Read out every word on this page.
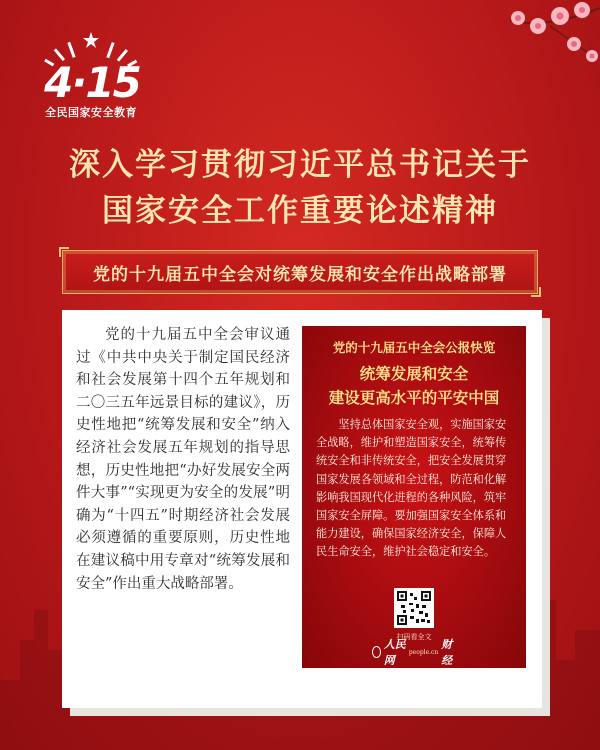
4·15
全民国家安全教育
深入学习贯彻习近平总书记关于
国家安全工作重要论述精神
党的十九届五中全会对统筹发展和安全作出战略部署

党的十九届五中全会审议通过《中共中央关于制定国民经济和社会发展第十四个五年规划和二〇三五年远景目标的建议》，历史性地把“统筹发展和安全”纳入经济社会发展五年规划的指导思想，历史性地把“办好发展安全两件大事”“实现更为安全的发展”明确为“十四五”时期经济社会发展必须遵循的重要原则，历史性地在建议稿中用专章对“统筹发展和安全”作出重大战略部署。

党的十九届五中全会公报快览
统筹发展和安全
建设更高水平的平安中国

坚持总体国家安全观，实施国家安全战略，维护和塑造国家安全，统筹传统安全和非传统安全，把安全发展贯穿国家发展各领域和全过程，防范和化解影响我国现代化进程的各种风险，筑牢国家安全屏障。要加强国家安全体系和能力建设，确保国家经济安全，保障人民生命安全，维护社会稳定和安全。

扫码看全文
人民网
people.cn
财经
